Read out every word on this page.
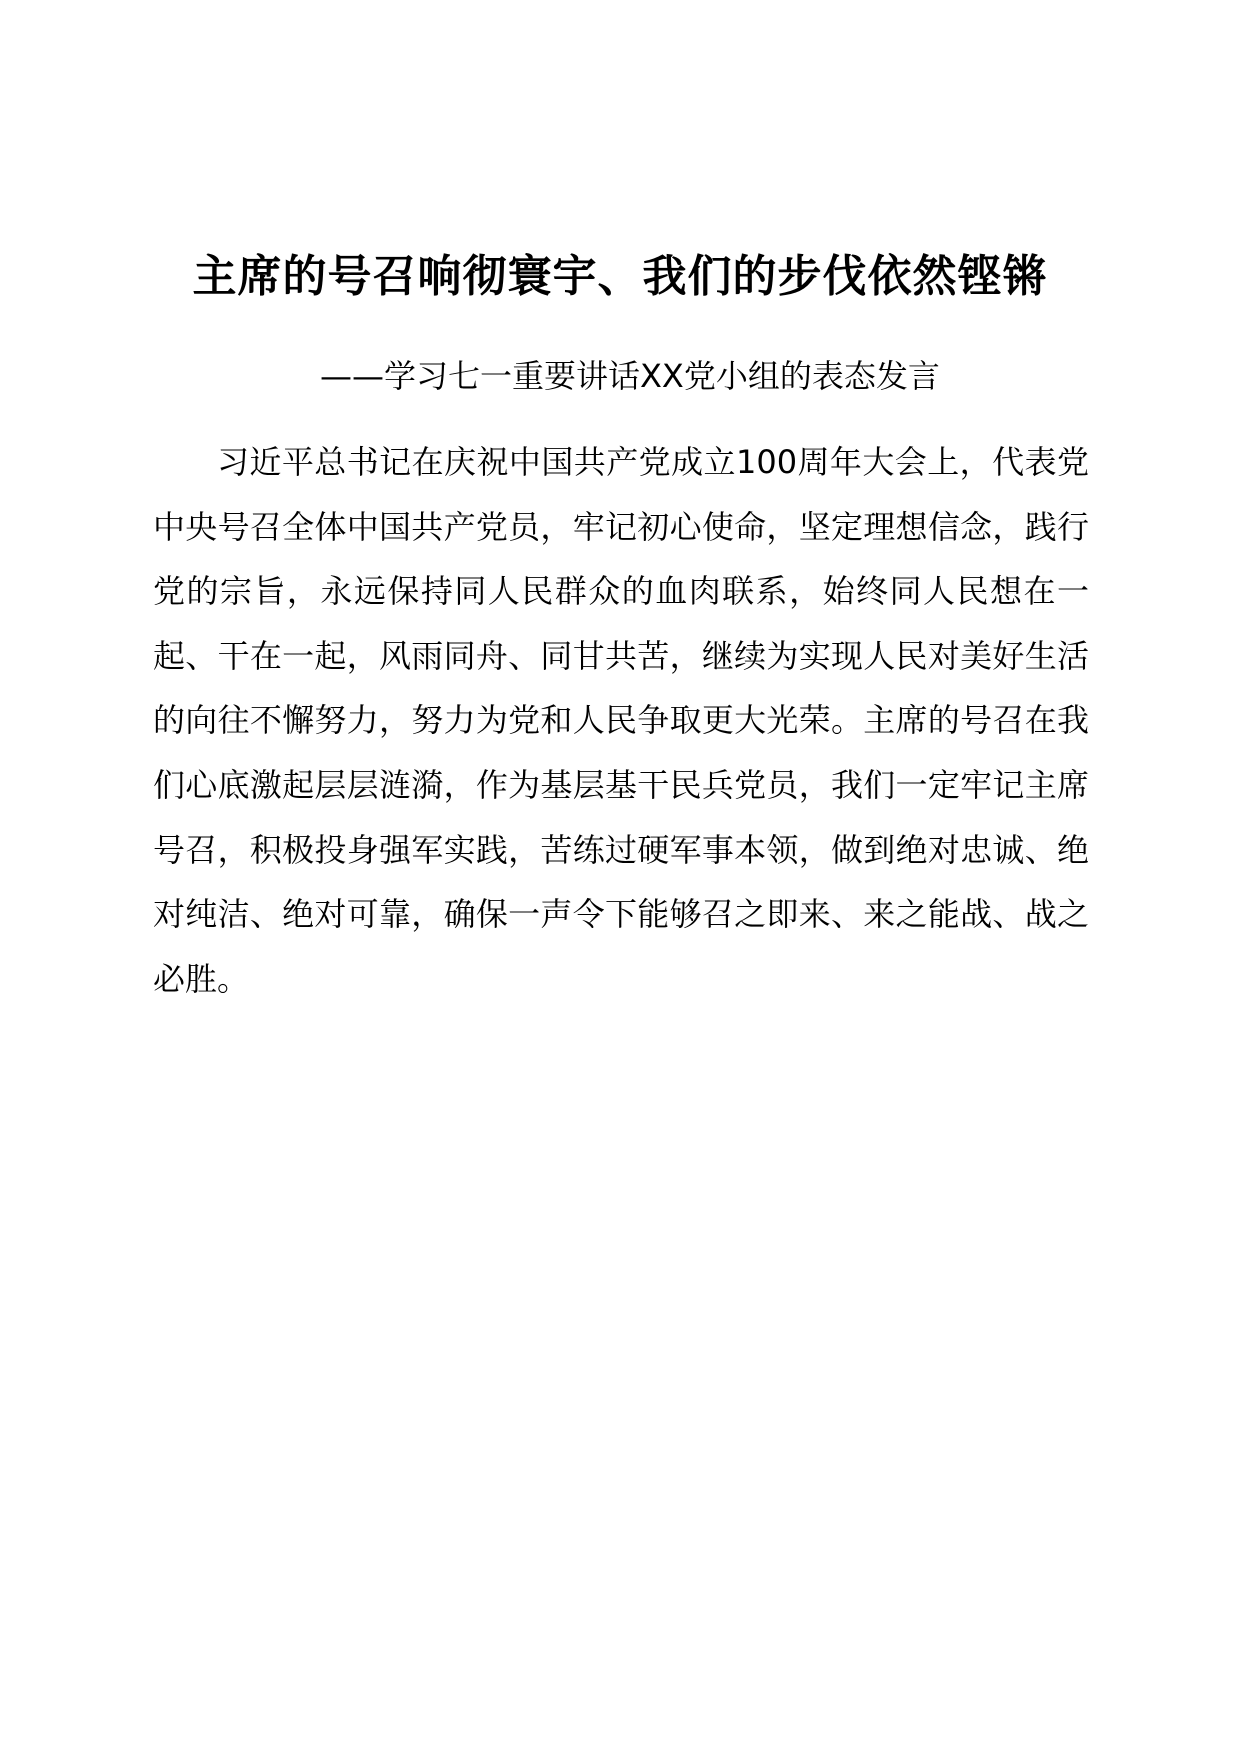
主席的号召响彻寰宇、我们的步伐依然铿锵

——学习七一重要讲话XX党小组的表态发言

习近平总书记在庆祝中国共产党成立100周年大会上，代表党中央号召全体中国共产党员，牢记初心使命，坚定理想信念，践行党的宗旨，永远保持同人民群众的血肉联系，始终同人民想在一起、干在一起，风雨同舟、同甘共苦，继续为实现人民对美好生活的向往不懈努力，努力为党和人民争取更大光荣。主席的号召在我们心底激起层层涟漪，作为基层基干民兵党员，我们一定牢记主席号召，积极投身强军实践，苦练过硬军事本领，做到绝对忠诚、绝对纯洁、绝对可靠，确保一声令下能够召之即来、来之能战、战之必胜。
